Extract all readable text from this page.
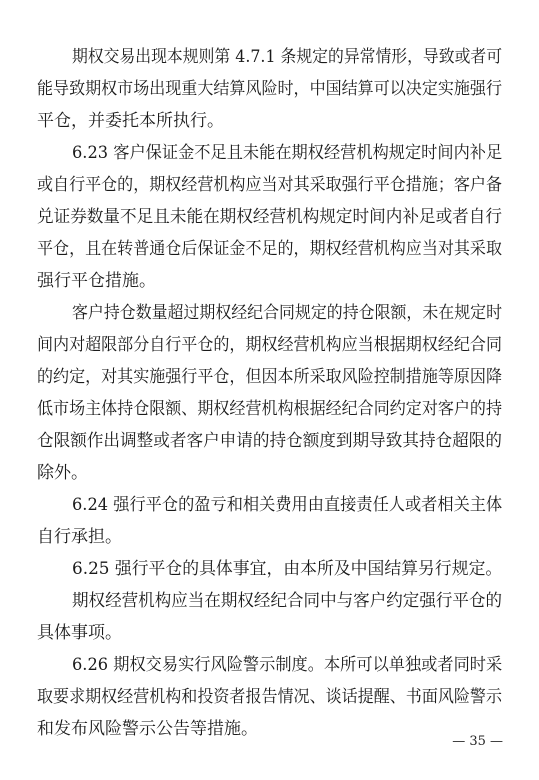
期权交易出现本规则第 4.7.1 条规定的异常情形，导致或者可
能导致期权市场出现重大结算风险时，中国结算可以决定实施强行
平仓，并委托本所执行。
6.23 客户保证金不足且未能在期权经营机构规定时间内补足
或自行平仓的，期权经营机构应当对其采取强行平仓措施；客户备
兑证券数量不足且未能在期权经营机构规定时间内补足或者自行
平仓，且在转普通仓后保证金不足的，期权经营机构应当对其采取
强行平仓措施。
客户持仓数量超过期权经纪合同规定的持仓限额，未在规定时
间内对超限部分自行平仓的，期权经营机构应当根据期权经纪合同
的约定，对其实施强行平仓，但因本所采取风险控制措施等原因降
低市场主体持仓限额、期权经营机构根据经纪合同约定对客户的持
仓限额作出调整或者客户申请的持仓额度到期导致其持仓超限的
除外。
6.24 强行平仓的盈亏和相关费用由直接责任人或者相关主体
自行承担。
6.25 强行平仓的具体事宜，由本所及中国结算另行规定。
期权经营机构应当在期权经纪合同中与客户约定强行平仓的
具体事项。
6.26 期权交易实行风险警示制度。本所可以单独或者同时采
取要求期权经营机构和投资者报告情况、谈话提醒、书面风险警示
和发布风险警示公告等措施。
— 35 —
